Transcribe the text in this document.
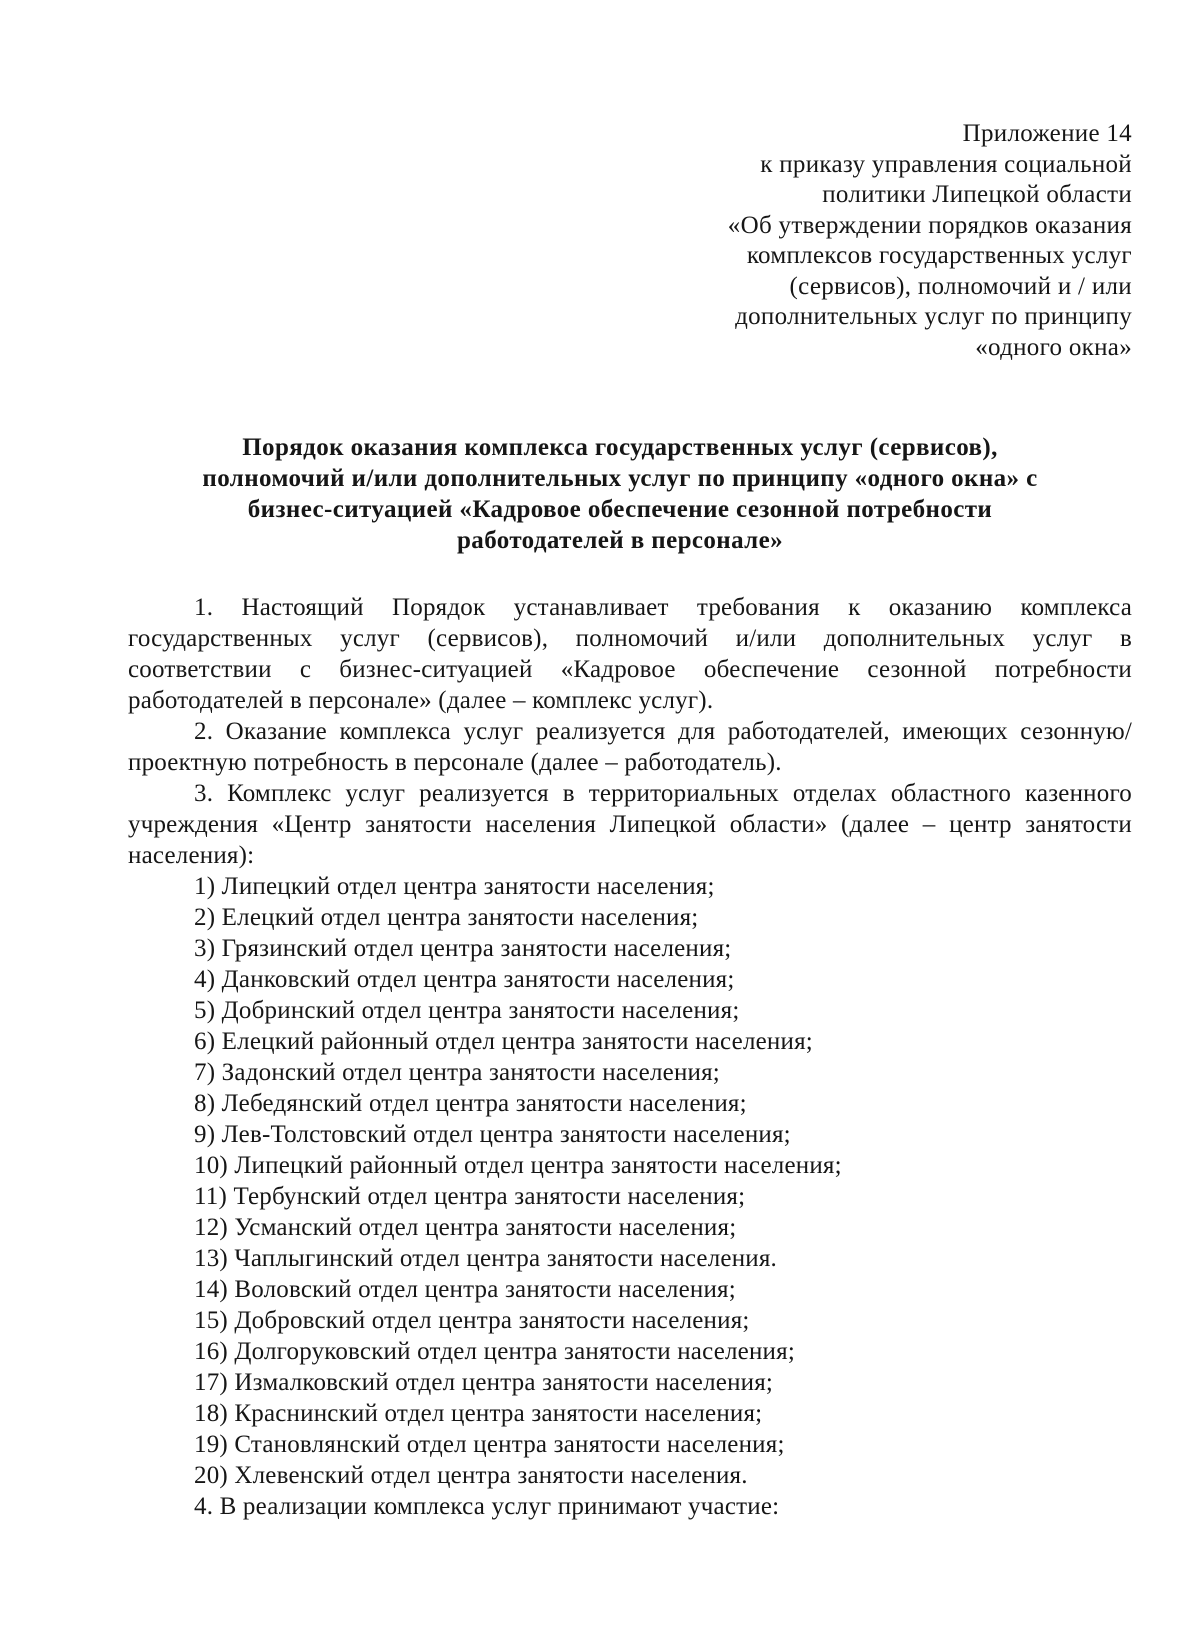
Приложение 14
к приказу управления социальной
политики Липецкой области
«Об утверждении порядков оказания
комплексов государственных услуг
(сервисов), полномочий и / или
дополнительных услуг по принципу
«одного окна»
Порядок оказания комплекса государственных услуг (сервисов),
полномочий и/или дополнительных услуг по принципу «одного окна» с
бизнес-ситуацией «Кадровое обеспечение сезонной потребности
работодателей в персонале»

1. Настоящий Порядок устанавливает требования к оказанию комплекса государственных услуг (сервисов), полномочий и/или дополнительных услуг в соответствии с бизнес-ситуацией «Кадровое обеспечение сезонной потребности работодателей в персонале» (далее – комплекс услуг).

2. Оказание комплекса услуг реализуется для работодателей, имеющих сезонную/проектную потребность в персонале (далее – работодатель).

3. Комплекс услуг реализуется в территориальных отделах областного казенного учреждения «Центр занятости населения Липецкой области» (далее – центр занятости населения):

1) Липецкий отдел центра занятости населения;
2) Елецкий отдел центра занятости населения;
3) Грязинский отдел центра занятости населения;
4) Данковский отдел центра занятости населения;
5) Добринский отдел центра занятости населения;
6) Елецкий районный отдел центра занятости населения;
7) Задонский отдел центра занятости населения;
8) Лебедянский отдел центра занятости населения;
9) Лев-Толстовский отдел центра занятости населения;
10) Липецкий районный отдел центра занятости населения;
11) Тербунский отдел центра занятости населения;
12) Усманский отдел центра занятости населения;
13) Чаплыгинский отдел центра занятости населения.
14) Воловский отдел центра занятости населения;
15) Добровский отдел центра занятости населения;
16) Долгоруковский отдел центра занятости населения;
17) Измалковский отдел центра занятости населения;
18) Краснинский отдел центра занятости населения;
19) Становлянский отдел центра занятости населения;
20) Хлевенский отдел центра занятости населения.

4. В реализации комплекса услуг принимают участие:
